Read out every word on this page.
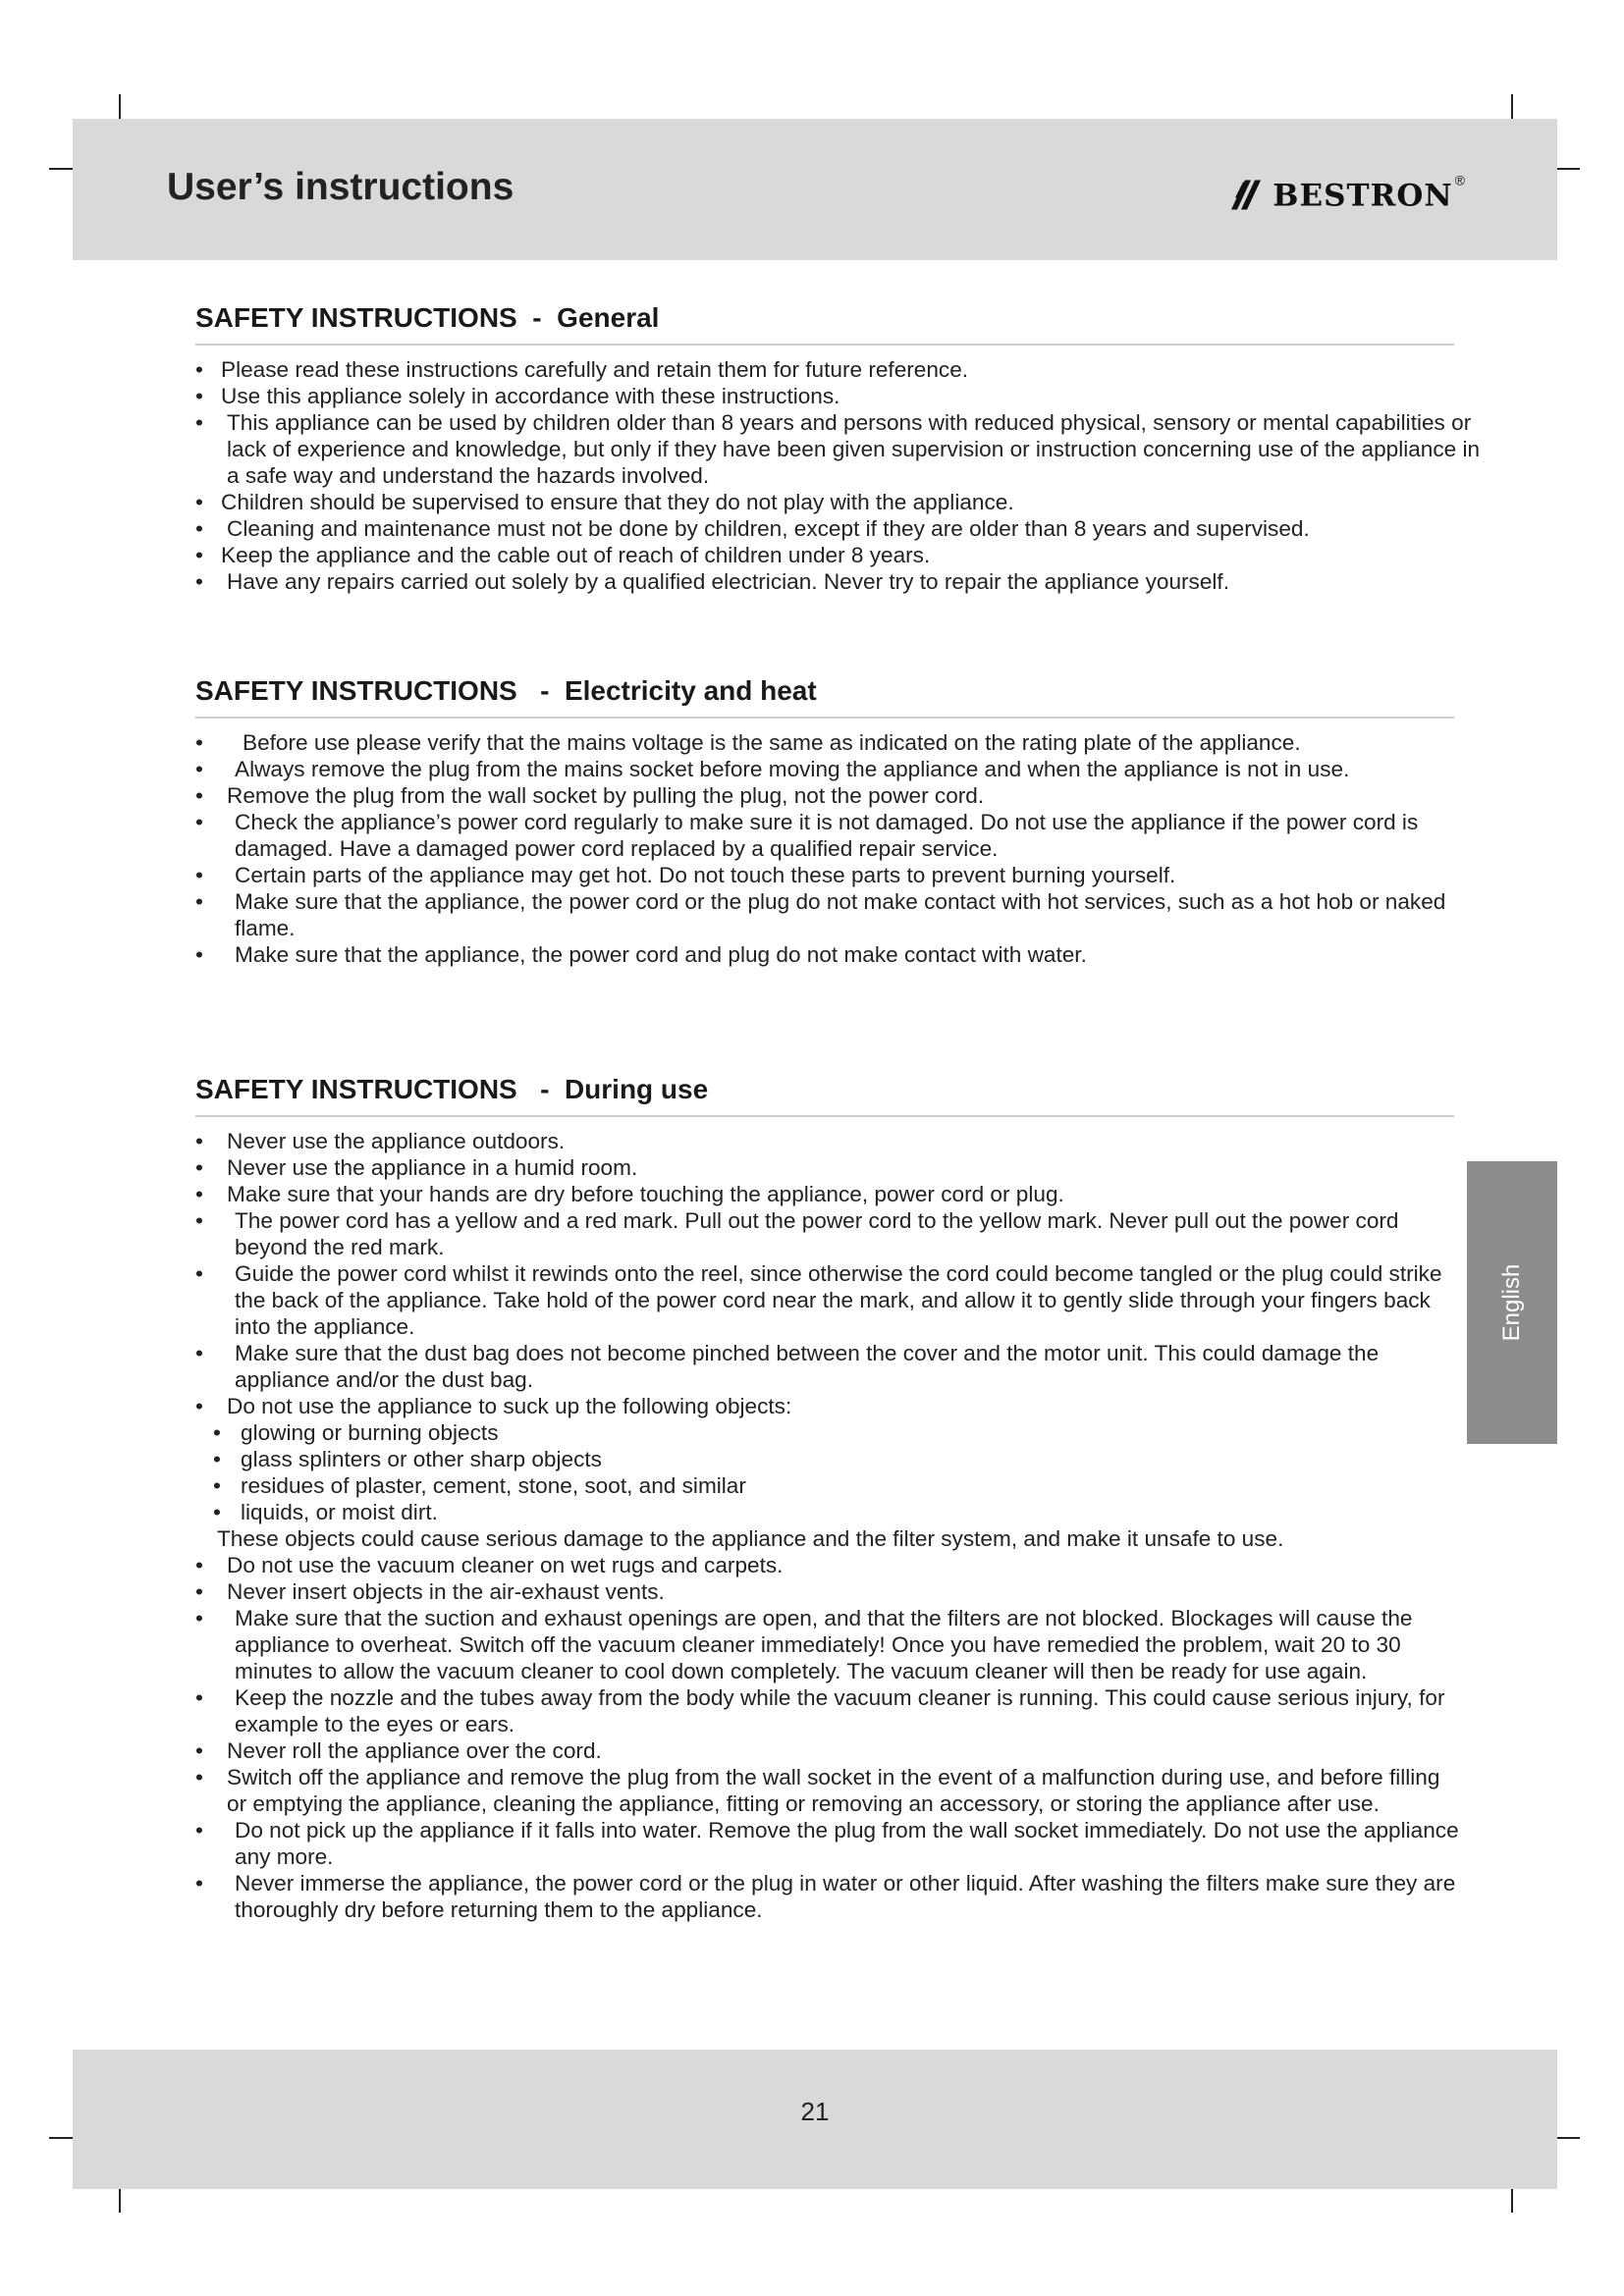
User’s instructions	bestron ®
SAFETY INSTRUCTIONS  -  General
• Please read these instructions carefully and retain them for future reference.
• Use this appliance solely in accordance with these instructions.
• This appliance can be used by children older than 8 years and persons with reduced physical, sensory or mental capabilities or lack of experience and knowledge, but only if they have been given supervision or instruction concerning use of the appliance in a safe way and understand the hazards involved.
• Children should be supervised to ensure that they do not play with the appliance.
• Cleaning and maintenance must not be done by children, except if they are older than 8 years and supervised.
• Keep the appliance and the cable out of reach of children under 8 years.
• Have any repairs carried out solely by a qualified electrician. Never try to repair the appliance yourself.
SAFETY INSTRUCTIONS   -  Electricity and heat
• Before use please verify that the mains voltage is the same as indicated on the rating plate of the appliance.
• Always remove the plug from the mains socket before moving the appliance and when the appliance is not in use.
• Remove the plug from the wall socket by pulling the plug, not the power cord.
• Check the appliance’s power cord regularly to make sure it is not damaged. Do not use the appliance if the power cord is damaged. Have a damaged power cord replaced by a qualified repair service.
• Certain parts of the appliance may get hot. Do not touch these parts to prevent burning yourself.
• Make sure that the appliance, the power cord or the plug do not make contact with hot services, such as a hot hob or naked flame.
• Make sure that the appliance, the power cord and plug do not make contact with water.
SAFETY INSTRUCTIONS   -  During use
• Never use the appliance outdoors.
• Never use the appliance in a humid room.
• Make sure that your hands are dry before touching the appliance, power cord or plug.
• The power cord has a yellow and a red mark. Pull out the power cord to the yellow mark. Never pull out the power cord beyond the red mark.
• Guide the power cord whilst it rewinds onto the reel, since otherwise the cord could become tangled or the plug could strike the back of the appliance. Take hold of the power cord near the mark, and allow it to gently slide through your fingers back into the appliance.
• Make sure that the dust bag does not become pinched between the cover and the motor unit. This could damage the appliance and/or the dust bag.
• Do not use the appliance to suck up the following objects:
• glowing or burning objects
• glass splinters or other sharp objects
• residues of plaster, cement, stone, soot, and similar
• liquids, or moist dirt.
These objects could cause serious damage to the appliance and the filter system, and make it unsafe to use.
• Do not use the vacuum cleaner on wet rugs and carpets.
• Never insert objects in the air-exhaust vents.
• Make sure that the suction and exhaust openings are open, and that the filters are not blocked. Blockages will cause the appliance to overheat. Switch off the vacuum cleaner immediately! Once you have remedied the problem, wait 20 to 30 minutes to allow the vacuum cleaner to cool down completely. The vacuum cleaner will then be ready for use again.
• Keep the nozzle and the tubes away from the body while the vacuum cleaner is running. This could cause serious injury, for example to the eyes or ears.
• Never roll the appliance over the cord.
• Switch off the appliance and remove the plug from the wall socket in the event of a malfunction during use, and before filling or emptying the appliance, cleaning the appliance, fitting or removing an accessory, or storing the appliance after use.
• Do not pick up the appliance if it falls into water. Remove the plug from the wall socket immediately. Do not use the appliance any more.
• Never immerse the appliance, the power cord or the plug in water or other liquid. After washing the filters make sure they are thoroughly dry before returning them to the appliance.
English
21
